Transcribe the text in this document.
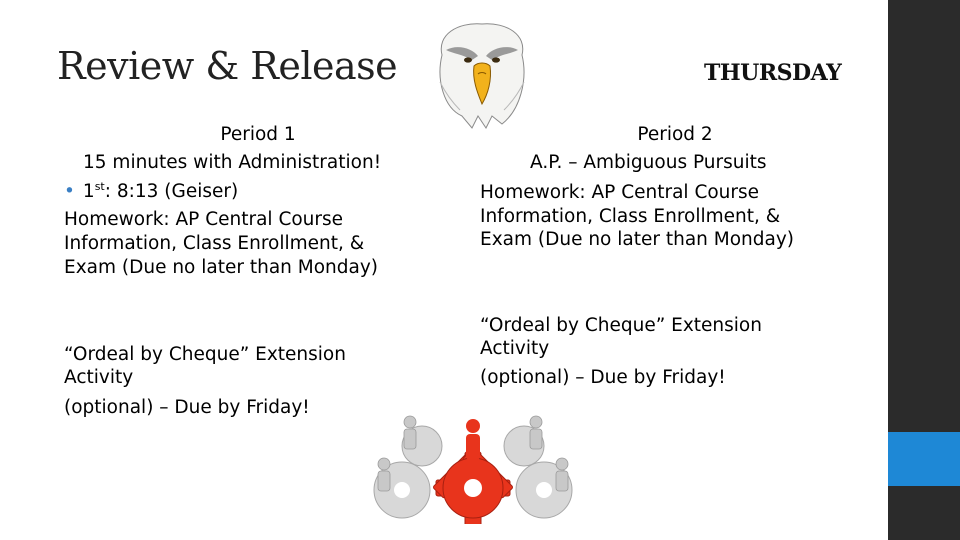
Review & Release	THURSDAY
Period 1
15 minutes with Administration!
• 1st: 8:13 (Geiser)
Homework: AP Central Course
Information, Class Enrollment, &
Exam (Due no later than Monday)
“Ordeal by Cheque” Extension
Activity
(optional) – Due by Friday!
Period 2
A.P. – Ambiguous Pursuits
Homework: AP Central Course
Information, Class Enrollment, &
Exam (Due no later than Monday)
“Ordeal by Cheque” Extension
Activity
(optional) – Due by Friday!
